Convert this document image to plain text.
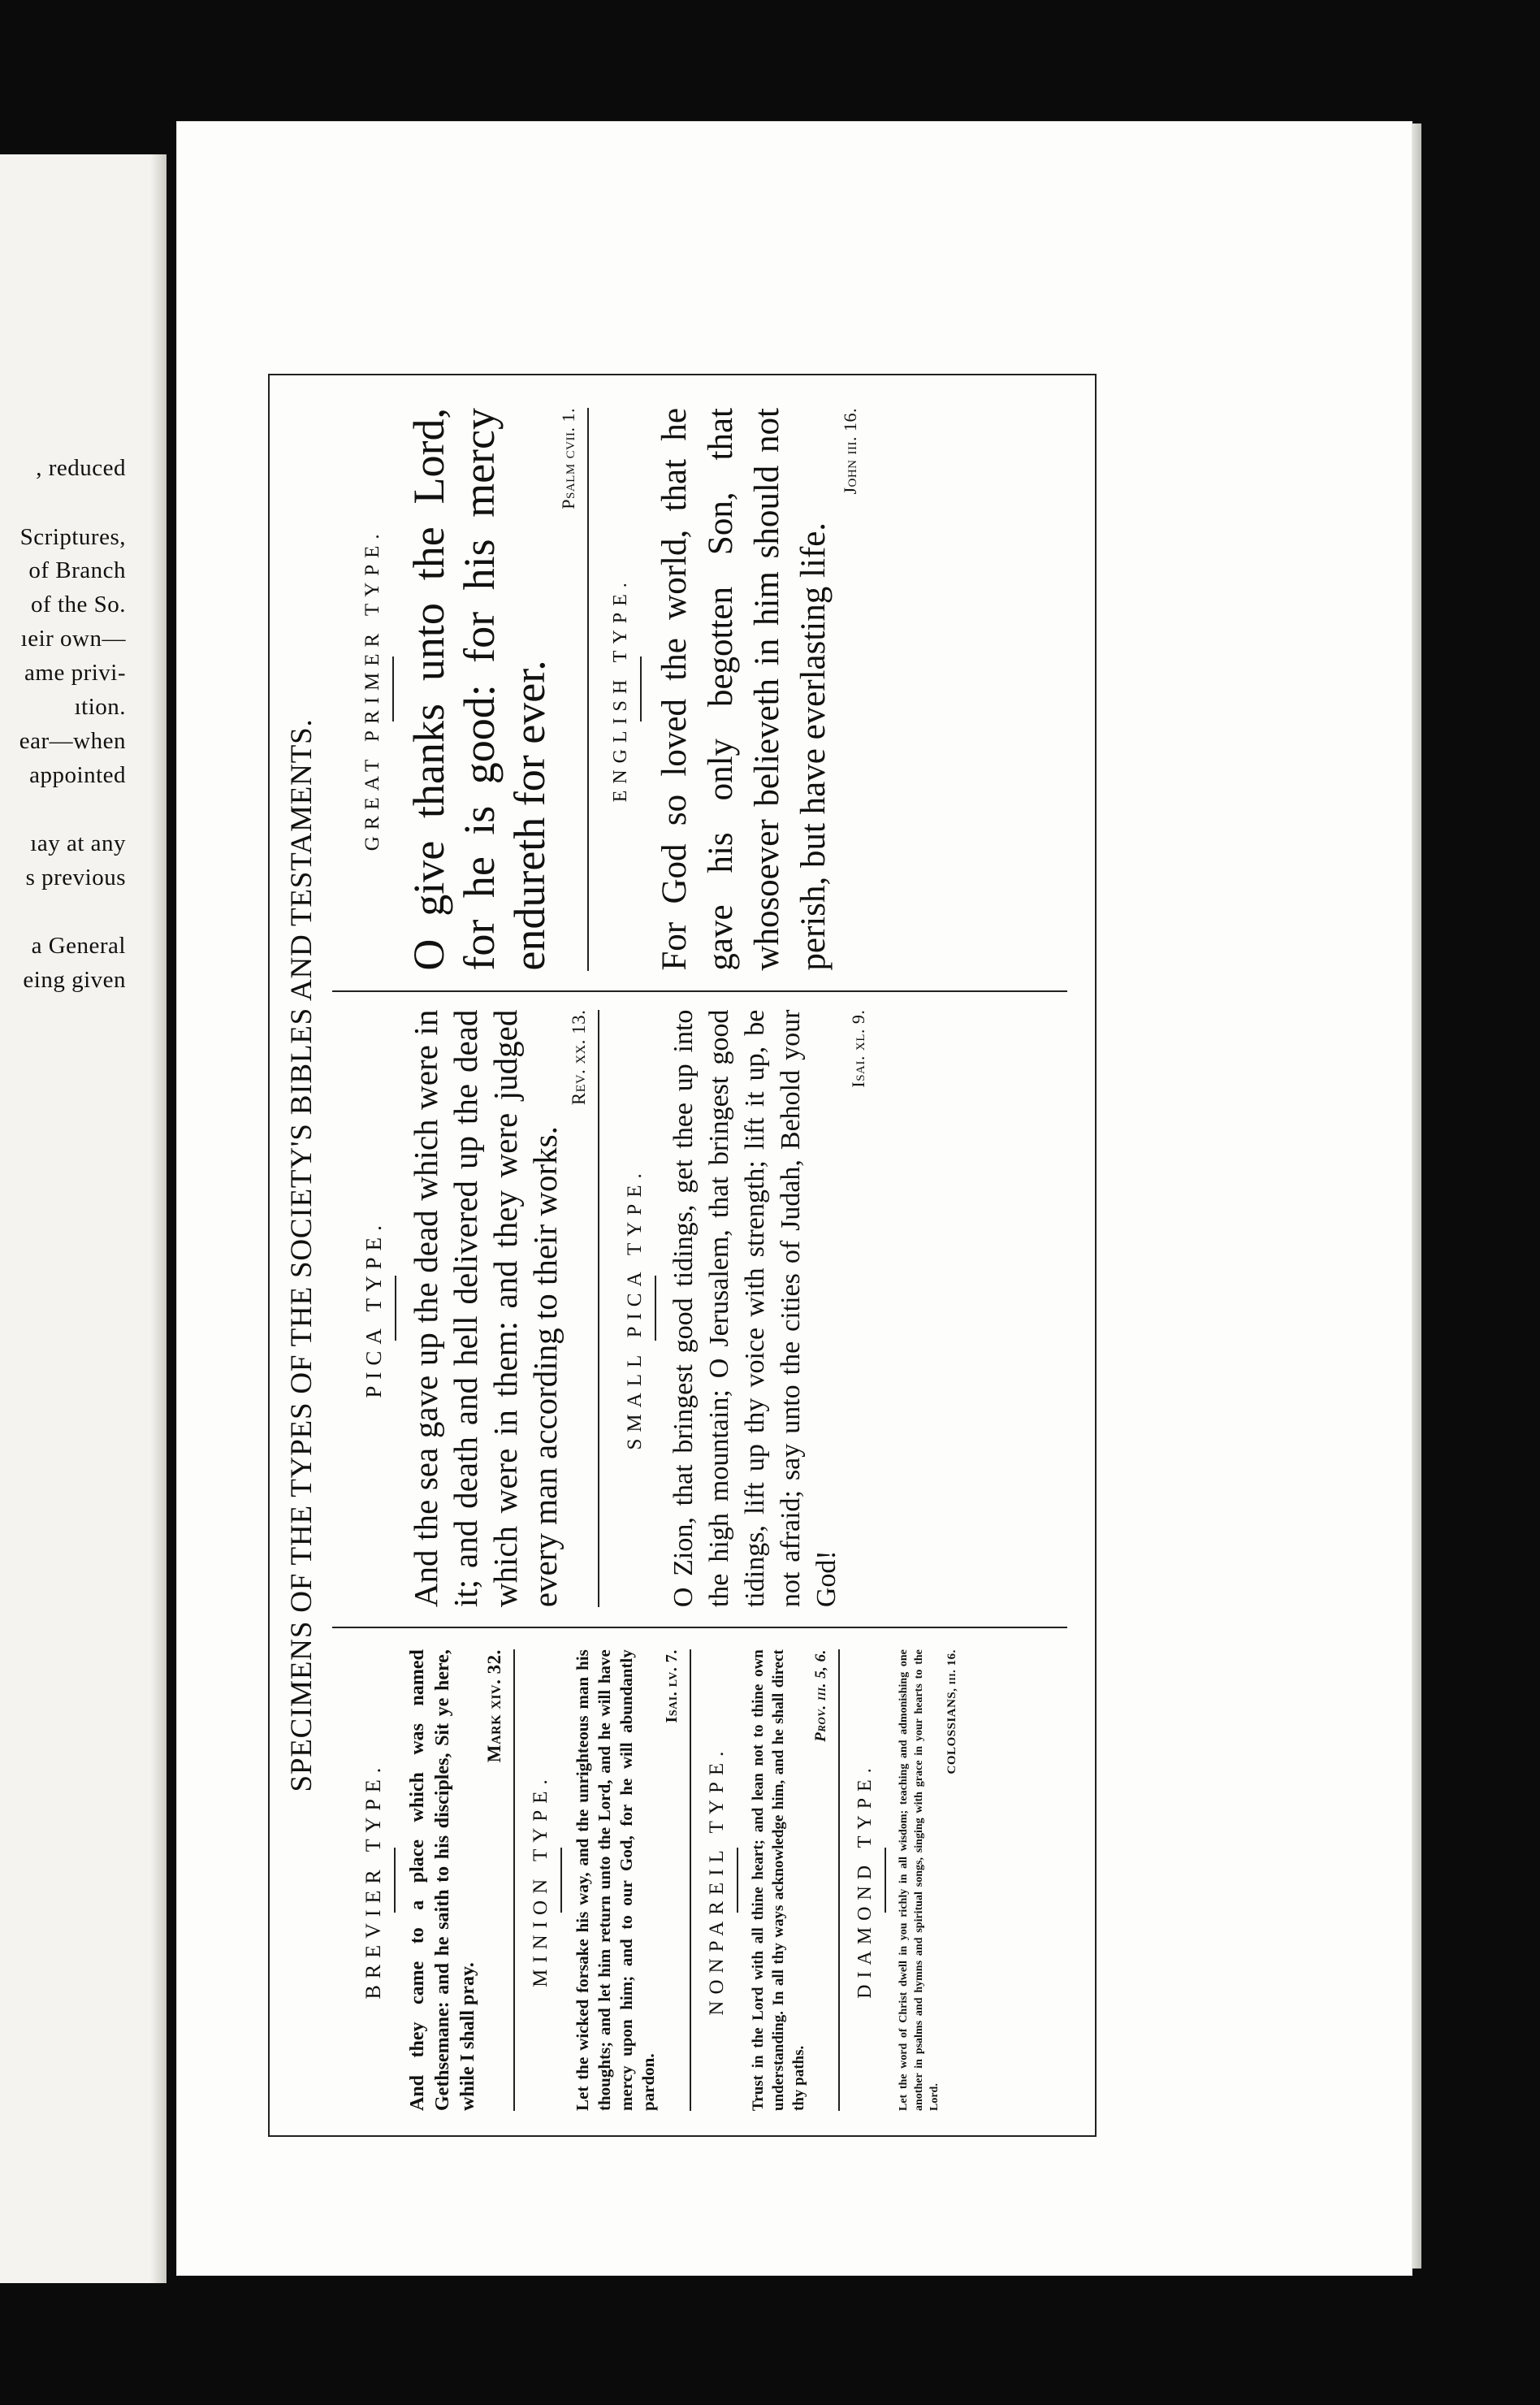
, reduced
Scriptures,
of Branch
of the So.
ıeir own—
ame privi-
ıtion.
ear—when
appointed
ıay at any
s previous
a General
eing given	SPECIMENS OF THE TYPES OF THE SOCIETY'S BIBLES AND TESTAMENTS.
BREVIER TYPE. And they came to a place which was named Gethsemane: and he saith to his disciples, Sit ye here, while I shall pray.

Mark xiv. 32.

MINION TYPE. Let the wicked forsake his way, and the unrighteous man his thoughts; and let him return unto the Lord, and he will have mercy upon him; and to our God, for he will abundantly pardon.

Isai. lv. 7.

NONPAREIL TYPE. Trust in the Lord with all thine heart; and lean not to thine own understanding. In all thy ways acknowledge him, and he shall direct thy paths.

Prov. iii. 5, 6.

DIAMOND TYPE. Let the word of Christ dwell in you richly in all wisdom; teaching and admonishing one another in psalms and hymns and spiritual songs, singing with grace in your hearts to the Lord.

COLOSSIANS, iii. 16.

PICA TYPE. And the sea gave up the dead which were in it; and death and hell delivered up the dead which were in them: and they were judged every man according to their works.

Rev. xx. 13.

SMALL PICA TYPE. O Zion, that bringest good tidings, get thee up into the high mountain; O Jerusalem, that bringest good tidings, lift up thy voice with strength; lift it up, be not afraid; say unto the cities of Judah, Behold your God!

Isai. xl. 9.

GREAT PRIMER TYPE. O give thanks unto the Lord, for he is good: for his mercy endureth for ever.

Psalm cvii. 1.

ENGLISH TYPE. For God so loved the world, that he gave his only begotten Son, that whosoever believeth in him should not perish, but have everlasting life.

John iii. 16.
